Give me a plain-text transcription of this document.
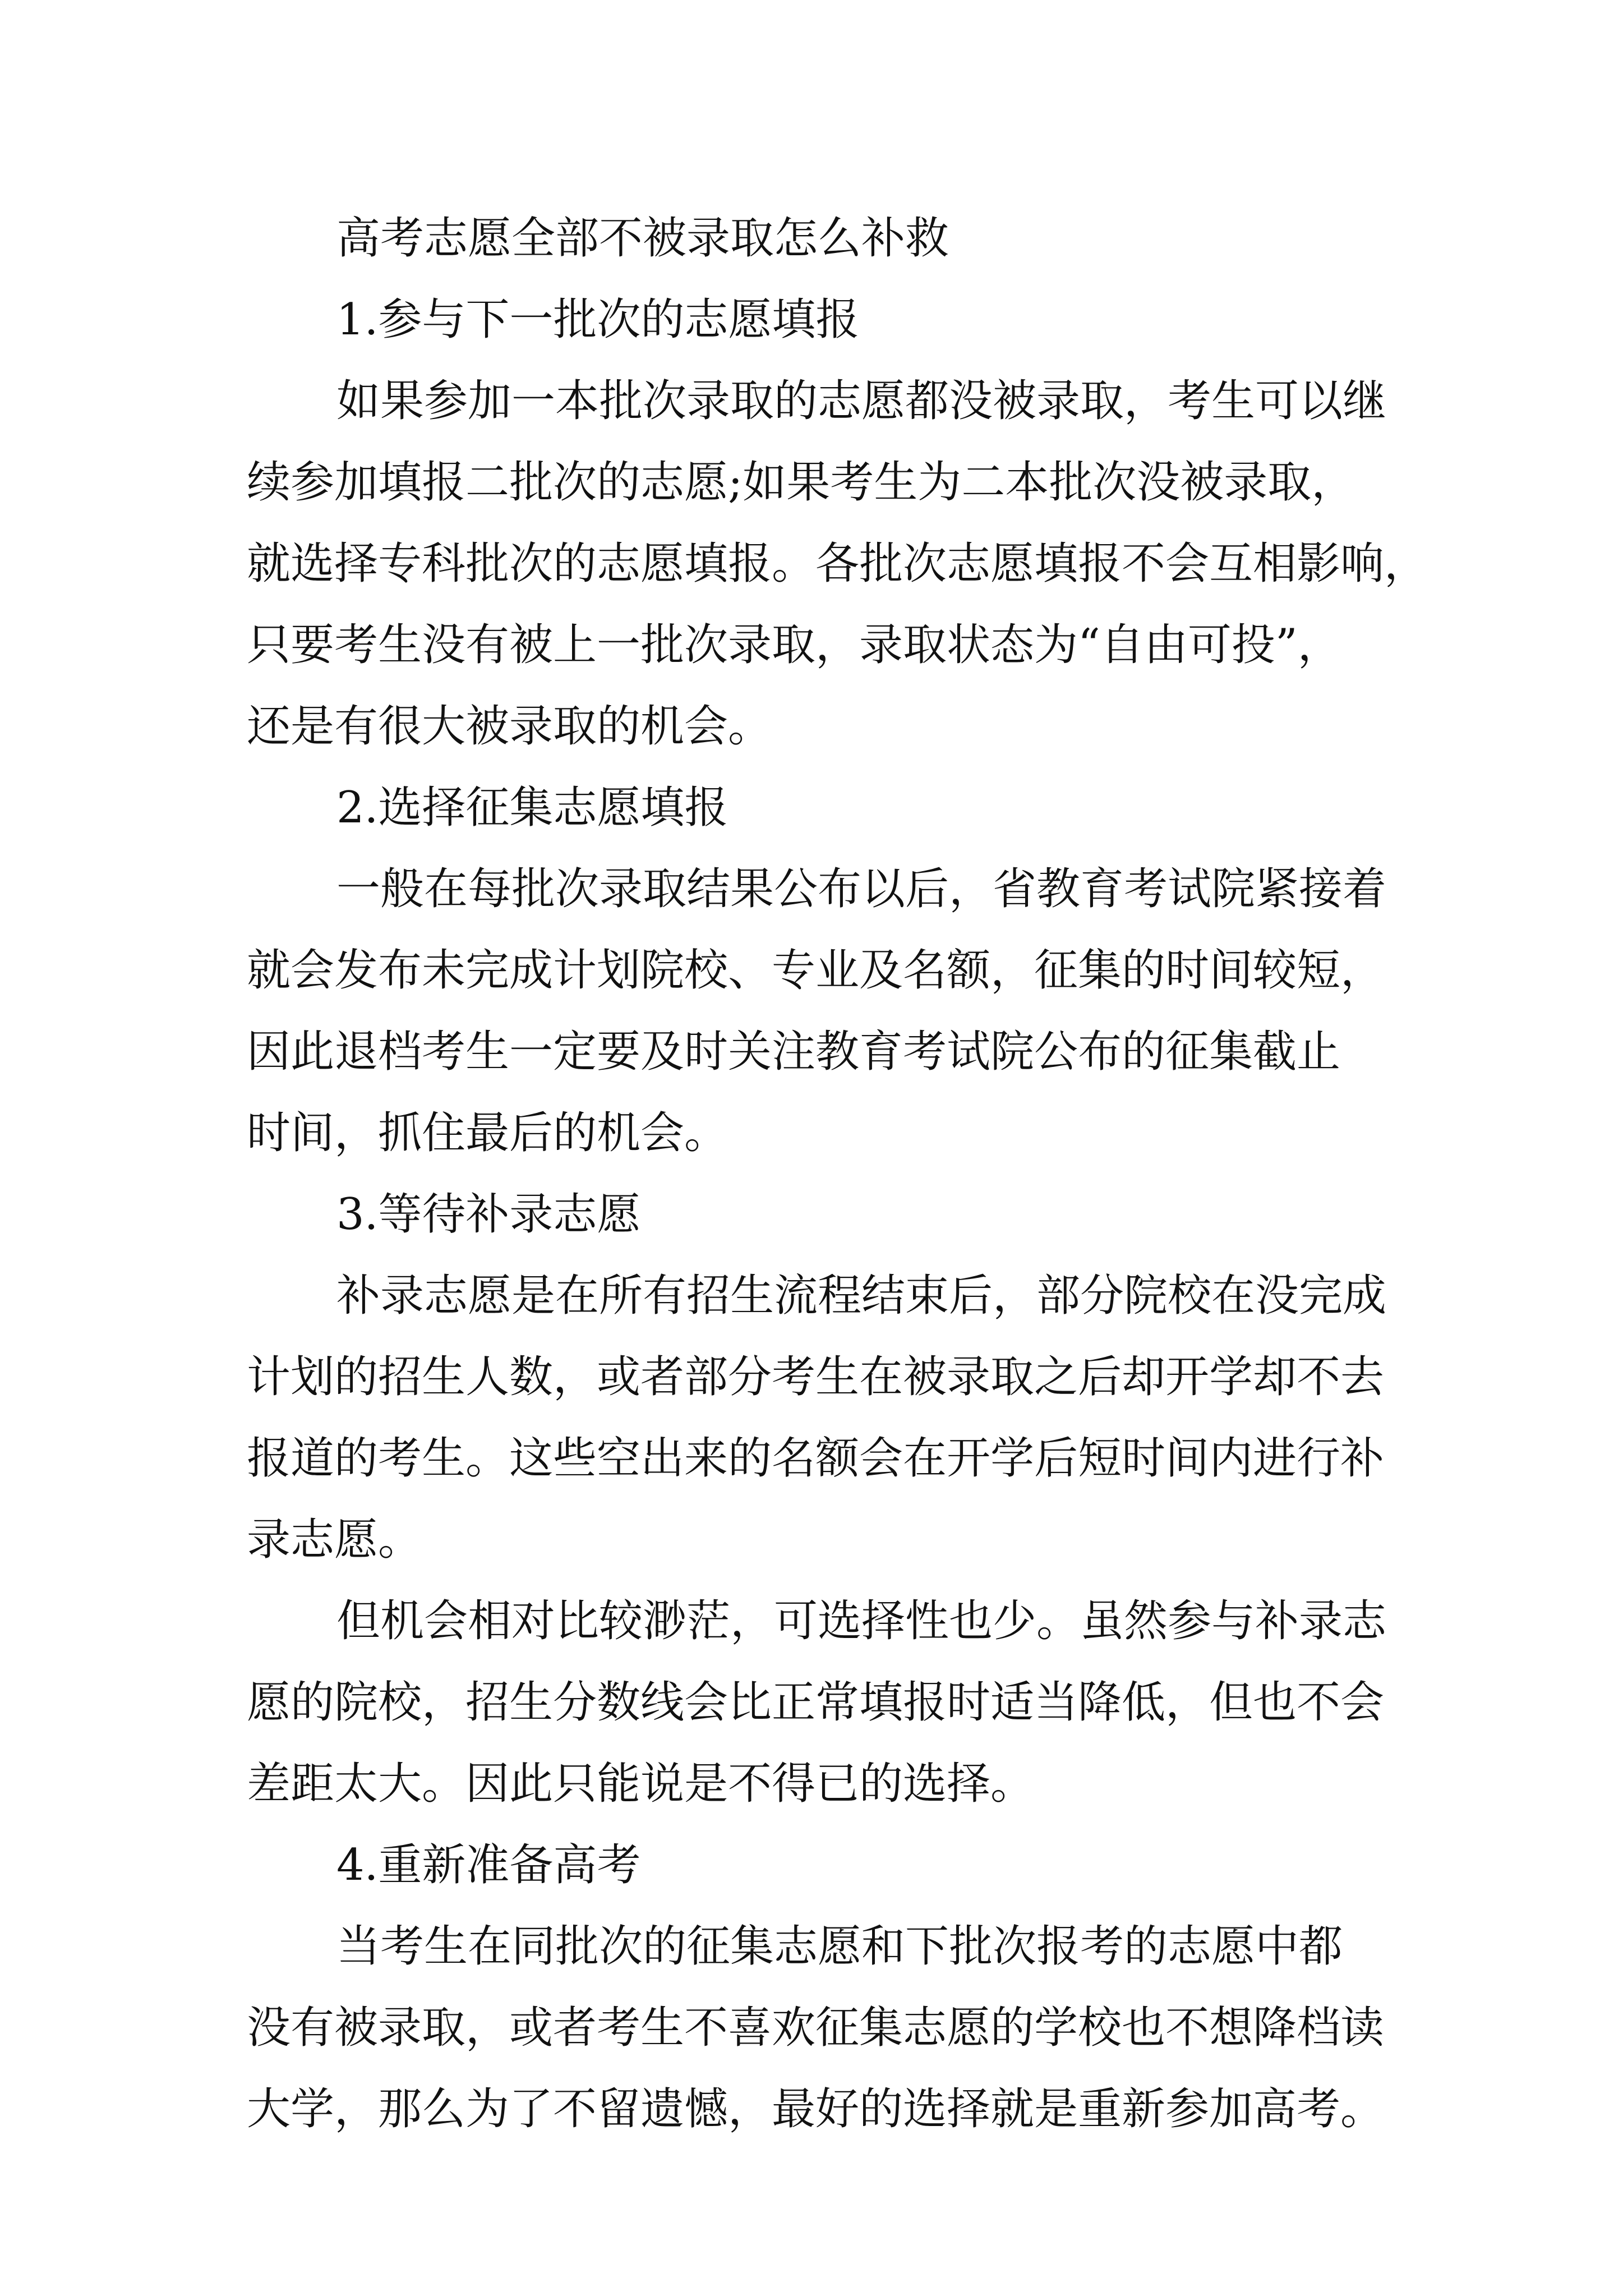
高考志愿全部不被录取怎么补救
1.参与下一批次的志愿填报
如果参加一本批次录取的志愿都没被录取，考生可以继
续参加填报二批次的志愿;如果考生为二本批次没被录取，
就选择专科批次的志愿填报。各批次志愿填报不会互相影响，
只要考生没有被上一批次录取，录取状态为“自由可投”，
还是有很大被录取的机会。
2.选择征集志愿填报
一般在每批次录取结果公布以后，省教育考试院紧接着
就会发布未完成计划院校、专业及名额，征集的时间较短，
因此退档考生一定要及时关注教育考试院公布的征集截止
时间，抓住最后的机会。
3.等待补录志愿
补录志愿是在所有招生流程结束后，部分院校在没完成
计划的招生人数，或者部分考生在被录取之后却开学却不去
报道的考生。这些空出来的名额会在开学后短时间内进行补
录志愿。
但机会相对比较渺茫，可选择性也少。虽然参与补录志
愿的院校，招生分数线会比正常填报时适当降低，但也不会
差距太大。因此只能说是不得已的选择。
4.重新准备高考
当考生在同批次的征集志愿和下批次报考的志愿中都
没有被录取，或者考生不喜欢征集志愿的学校也不想降档读
大学，那么为了不留遗憾，最好的选择就是重新参加高考。
